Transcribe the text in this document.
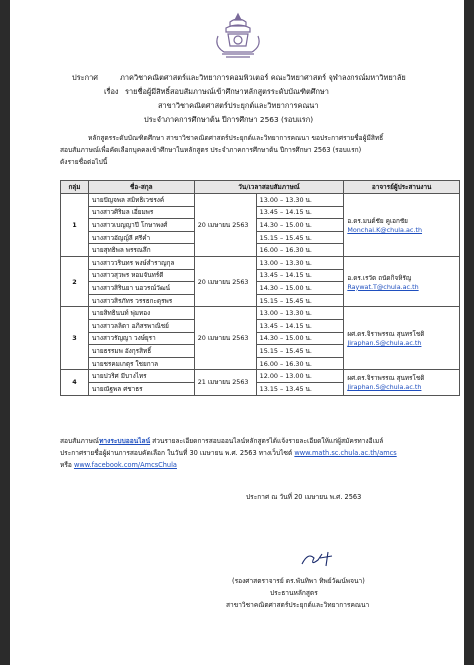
ประกาศ	ภาควิชาคณิตศาสตร์และวิทยาการคอมพิวเตอร์ คณะวิทยาศาสตร์ จุฬาลงกรณ์มหาวิทยาลัย
เรื่อง รายชื่อผู้มีสิทธิ์สอบสัมภาษณ์เข้าศึกษาหลักสูตรระดับบัณฑิตศึกษา
สาขาวิชาคณิตศาสตร์ประยุกต์และวิทยาการคณนา
ประจำภาคการศึกษาต้น ปีการศึกษา 2563 (รอบแรก)
หลักสูตรระดับบัณฑิตศึกษา สาขาวิชาคณิตศาสตร์ประยุกต์และวิทยาการคณนา ขอประกาศรายชื่อผู้มีสิทธิ์
สอบสัมภาษณ์เพื่อคัดเลือกบุคคลเข้าศึกษาในหลักสูตร ประจำภาคการศึกษาต้น ปีการศึกษา 2563 (รอบแรก)
ดังรายชื่อต่อไปนี้
กลุ่ม	ชื่อ-สกุล	วัน/เวลาสอบสัมภาษณ์		อาจารย์ผู้ประสานงาน
1	นายปัญจพล สมิทธิเวชรงค์	20 เมษายน 2563	13.00 – 13.30 น.	อ.ดร.มนต์ชัย คูเอกชัย
Monchai.K@chula.ac.th

	นางสาวศิริมล เอี่ยมพร		13.45 – 14.15 น.	
	นางสาวเบญญาปี โกษาพงศ์		14.30 – 15.00 น.	
	นางสาวอัญญ์ลี ศรีคำ		15.15 – 15.45 น.	
	นายสุทธิพล พรรณลึก		16.00 – 16.30 น.	
2	นางสาววรินทร พงษ์สำราญกุล	20 เมษายน 2563	13.00 – 13.30 น.	อ.ดร.เรวัต ถนัดกิจหิรัญ
Raywat.T@chula.ac.th

	นางสาวสุวพร หอมจันทร์ดี		13.45 – 14.15 น.	
	นางสาวสิรินยา นอวรณ์วัฒน์		14.30 – 15.00 น.	
	นางสาวสิรภัทร วรรธกะดุรพร		15.15 – 15.45 น.	
3	นายสิทธินนท์ พุ่มทอง	20 เมษายน 2563	13.00 – 13.30 น.	ผศ.ดร.จิราพรรณ สุนทรโชติ
Jiraphan.S@chula.ac.th

	นางสาวลลิตา อภิสรพาณิชย์		13.45 – 14.15 น.	
	นางสาวรัญญา วงษ์ยุรา		14.30 – 15.00 น.	
	นายธรรมพ อังกุรสิทธิ์		15.15 – 15.45 น.	
	นายชรคมเกตุร ใชยกาล		16.00 – 16.30 น.	
4	นายปวริศ มีบางไทร	21 เมษายน 2563	12.00 – 13.00 น.	ผศ.ดร.จิราพรรณ สุนทรโชติ
Jiraphan.S@chula.ac.th

	นายณัฐพล ศชาธร		13.15 – 13.45 น.	
สอบสัมภาษณ์ทางระบบออนไลน์ ส่วนรายละเอียดการสอบออนไลน์หลักสูตรได้แจ้งรายละเอียดให้แก่ผู้สมัครทางอีเมล์
ประกาศรายชื่อผู้ผ่านการสอบคัดเลือก ในวันที่ 30 เมษายน พ.ศ. 2563 ทางเว็บไซต์ www.math.sc.chula.ac.th/amcs
หรือ www.facebook.com/AmcsChula
ประกาศ ณ วันที่ 20 เมษายน พ.ศ. 2563
(รองศาสตราจารย์ ดร.พันทิพา ทิพย์วัฒน์พจนา)
ประธานหลักสูตร
สาขาวิชาคณิตศาสตร์ประยุกต์และวิทยาการคณนา
